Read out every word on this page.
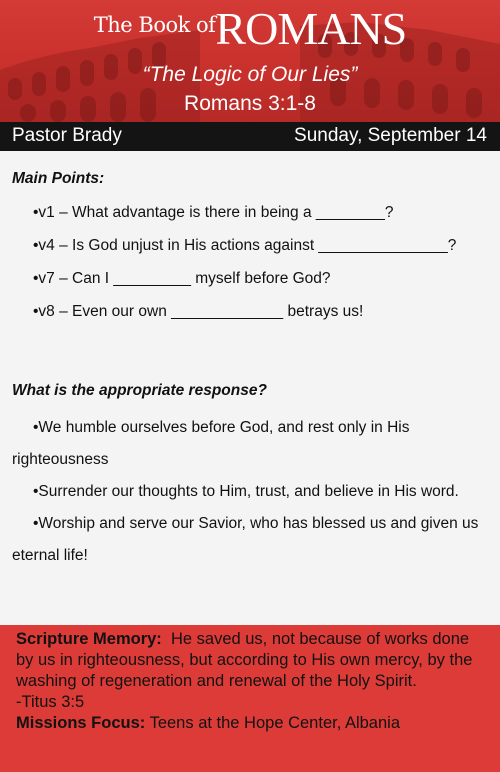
The Book ofROMANS
“The Logic of Our Lies”
Romans 3:1-8
Pastor Brady	Sunday, September 14
Main Points:
•v1 – What advantage is there in being a ________?
•v4 – Is God unjust in His actions against _______________?
•v7 – Can I _________ myself before God?
•v8 – Even our own _____________ betrays us!
What is the appropriate response?
•We humble ourselves before God, and rest only in His righteousness
•Surrender our thoughts to Him, trust, and believe in His word.
•Worship and serve our Savior, who has blessed us and given us eternal life!
Scripture Memory: He saved us, not because of works done by us in righteousness, but according to His own mercy, by the washing of regeneration and renewal of the Holy Spirit.
-Titus 3:5
Missions Focus: Teens at the Hope Center, Albania
